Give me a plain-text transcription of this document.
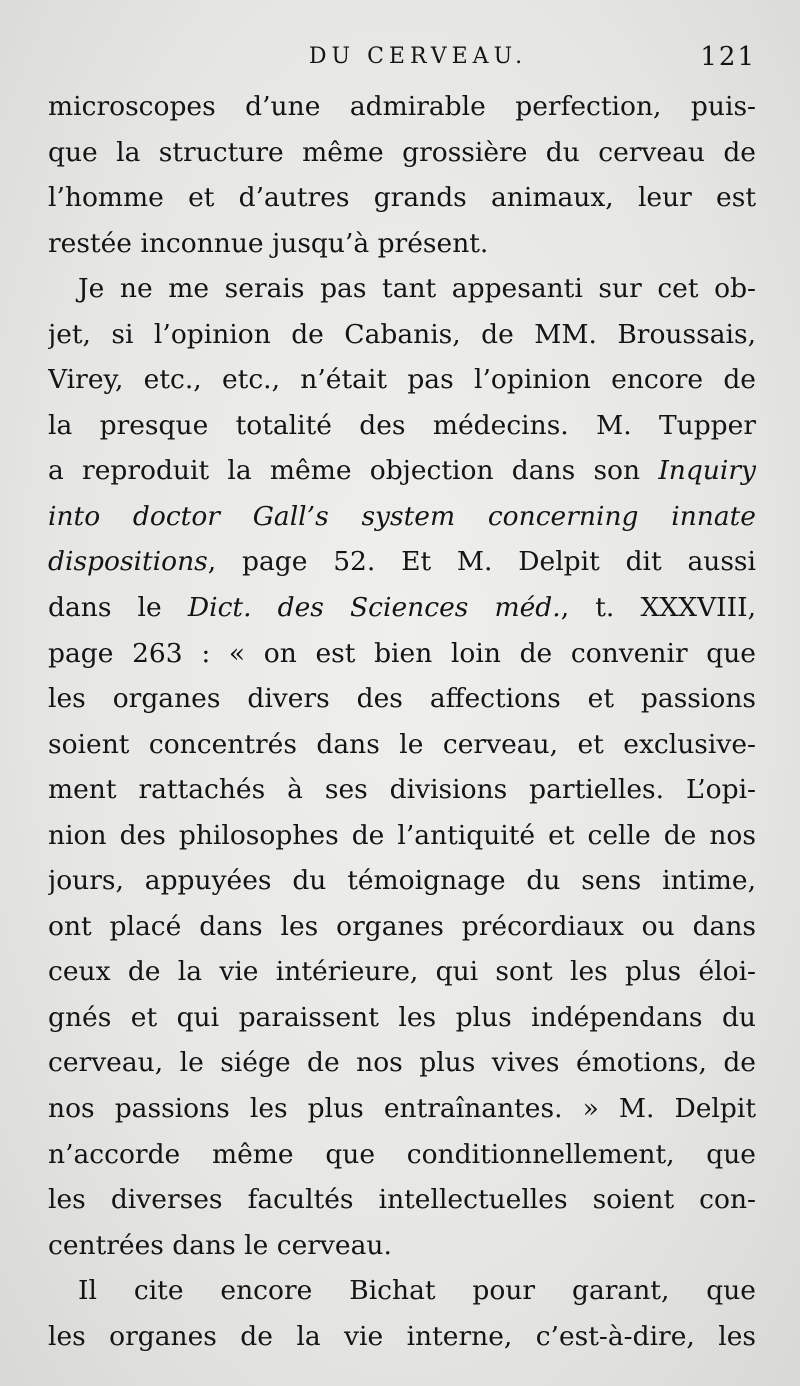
DU CERVEAU.	121
microscopes d’une admirable perfection, puis-
que la structure même grossière du cerveau de
l’homme et d’autres grands animaux, leur est
restée inconnue jusqu’à présent.
Je ne me serais pas tant appesanti sur cet ob-
jet, si l’opinion de Cabanis, de MM. Broussais,
Virey, etc., etc., n’était pas l’opinion encore de
la presque totalité des médecins. M. Tupper
a reproduit la même objection dans son Inquiry
into doctor Gall’s system concerning innate
dispositions, page 52. Et M. Delpit dit aussi
dans le Dict. des Sciences méd., t. XXXVIII,
page 263 : « on est bien loin de convenir que
les organes divers des affections et passions
soient concentrés dans le cerveau, et exclusive-
ment rattachés à ses divisions partielles. L’opi-
nion des philosophes de l’antiquité et celle de nos
jours, appuyées du témoignage du sens intime,
ont placé dans les organes précordiaux ou dans
ceux de la vie intérieure, qui sont les plus éloi-
gnés et qui paraissent les plus indépendans du
cerveau, le siége de nos plus vives émotions, de
nos passions les plus entraînantes. » M. Delpit
n’accorde même que conditionnellement, que
les diverses facultés intellectuelles soient con-
centrées dans le cerveau.
Il cite encore Bichat pour garant, que
les organes de la vie interne, c’est-à-dire, les
